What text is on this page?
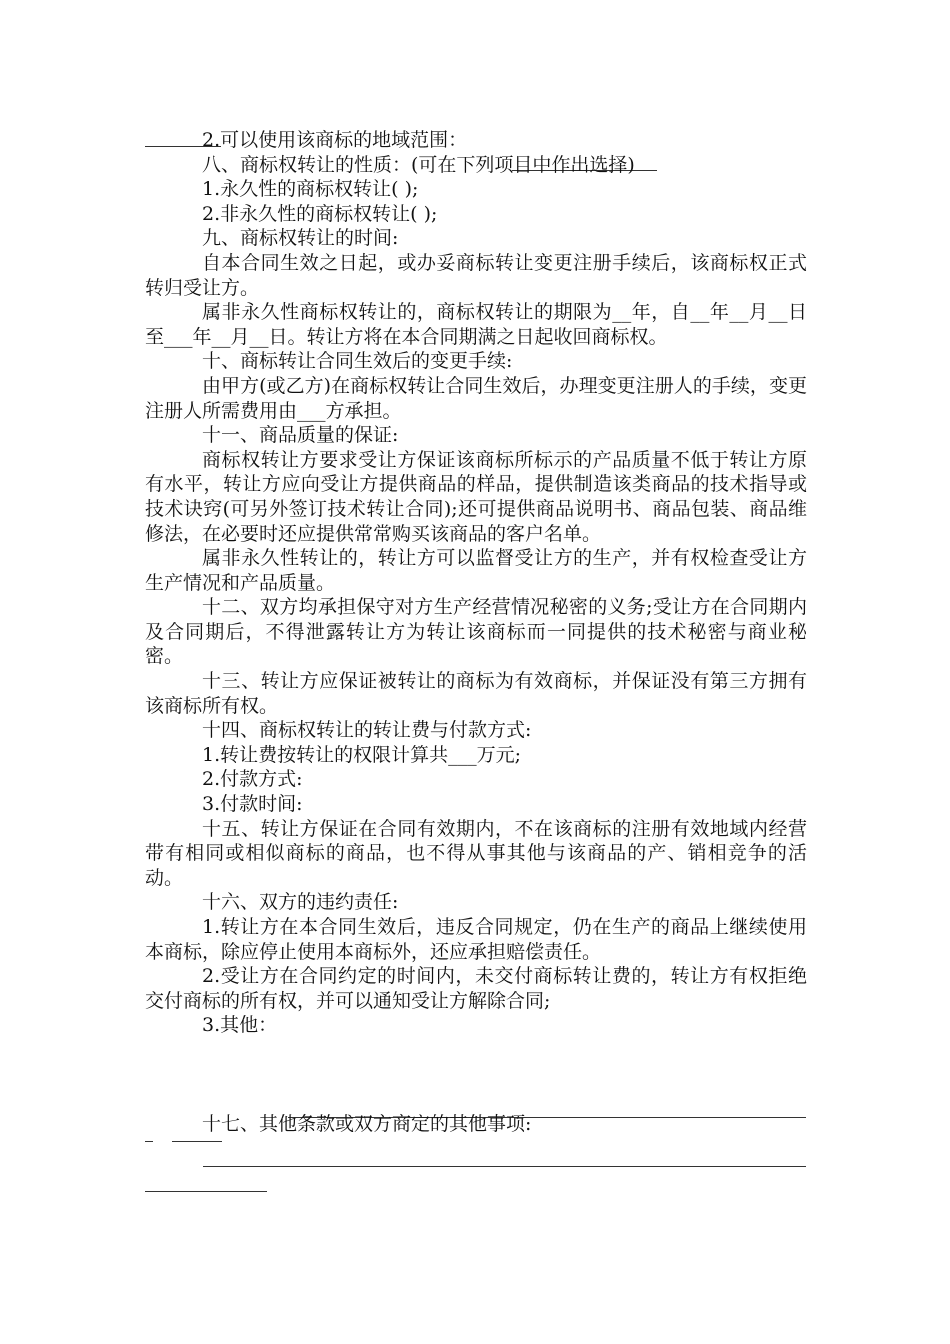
2.可以使用该商标的地域范围：

八、商标权转让的性质：(可在下列项目中作出选择)

1.永久性的商标权转让( );

2.非永久性的商标权转让( );

九、商标权转让的时间:

自本合同生效之日起，或办妥商标转让变更注册手续后，该商标权正式转归受让方。

属非永久性商标权转让的，商标权转让的期限为__年，自__年__月__日至___年__月__日。转让方将在本合同期满之日起收回商标权。

十、商标转让合同生效后的变更手续:

由甲方(或乙方)在商标权转让合同生效后，办理变更注册人的手续，变更注册人所需费用由___方承担。

十一、商品质量的保证:

商标权转让方要求受让方保证该商标所标示的产品质量不低于转让方原有水平，转让方应向受让方提供商品的样品，提供制造该类商品的技术指导或技术诀窍(可另外签订技术转让合同);还可提供商品说明书、商品包装、商品维修法，在必要时还应提供常常购买该商品的客户名单。

属非永久性转让的，转让方可以监督受让方的生产，并有权检查受让方生产情况和产品质量。

十二、双方均承担保守对方生产经营情况秘密的义务;受让方在合同期内及合同期后，不得泄露转让方为转让该商标而一同提供的技术秘密与商业秘密。

十三、转让方应保证被转让的商标为有效商标，并保证没有第三方拥有该商标所有权。

十四、商标权转让的转让费与付款方式:

1.转让费按转让的权限计算共___万元;

2.付款方式:

3.付款时间:

十五、转让方保证在合同有效期内，不在该商标的注册有效地域内经营带有相同或相似商标的商品，也不得从事其他与该商品的产、销相竞争的活动。

十六、双方的违约责任:

1.转让方在本合同生效后，违反合同规定，仍在生产的商品上继续使用本商标，除应停止使用本商标外，还应承担赔偿责任。

2.受让方在合同约定的时间内，未交付商标转让费的，转让方有权拒绝交付商标的所有权，并可以通知受让方解除合同;

3.其他：

十七、其他条款或双方商定的其他事项:
